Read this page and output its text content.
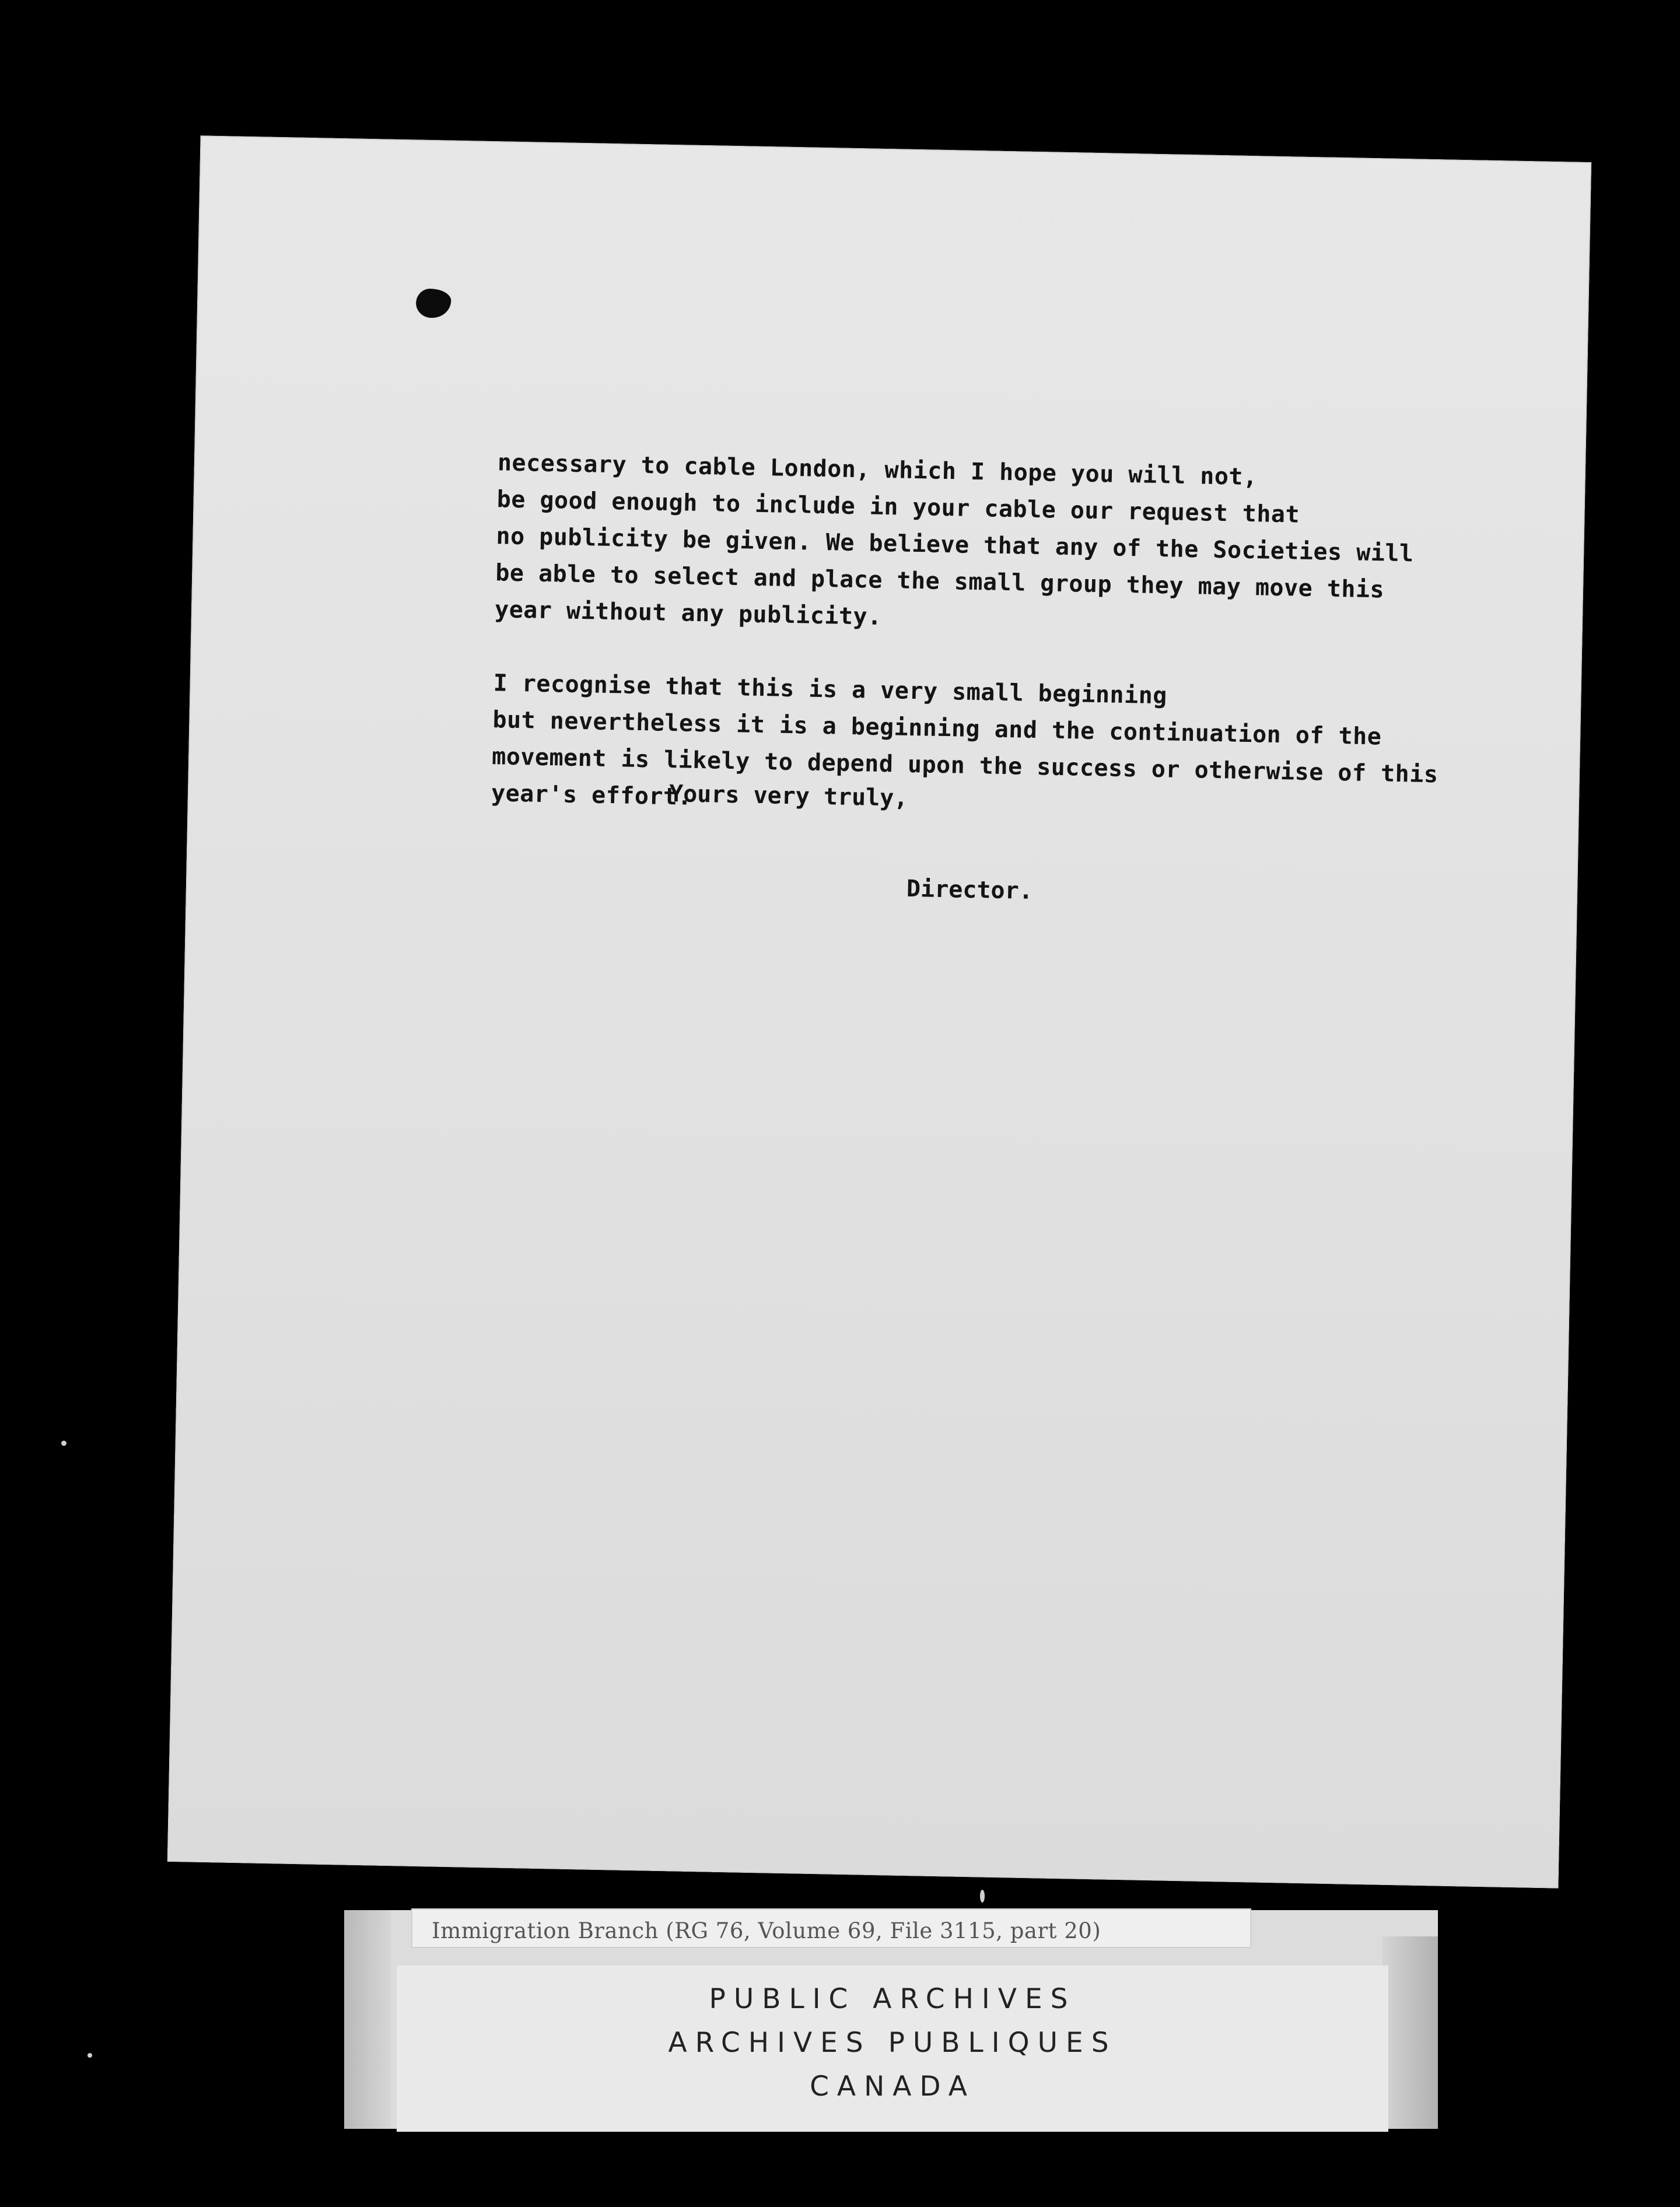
necessary to cable London, which I hope you will not,
be good enough to include in your cable our request that
no publicity be given. We believe that any of the Societies will
be able to select and place the small group they may move this
year without any publicity.

I recognise that this is a very small beginning
but nevertheless it is a beginning and the continuation of the
movement is likely to depend upon the success or otherwise of this
year's effort.

Yours very truly,
Director.
Immigration Branch (RG 76, Volume 69, File 3115, part 20)
PUBLIC ARCHIVES
ARCHIVES PUBLIQUES
CANADA
